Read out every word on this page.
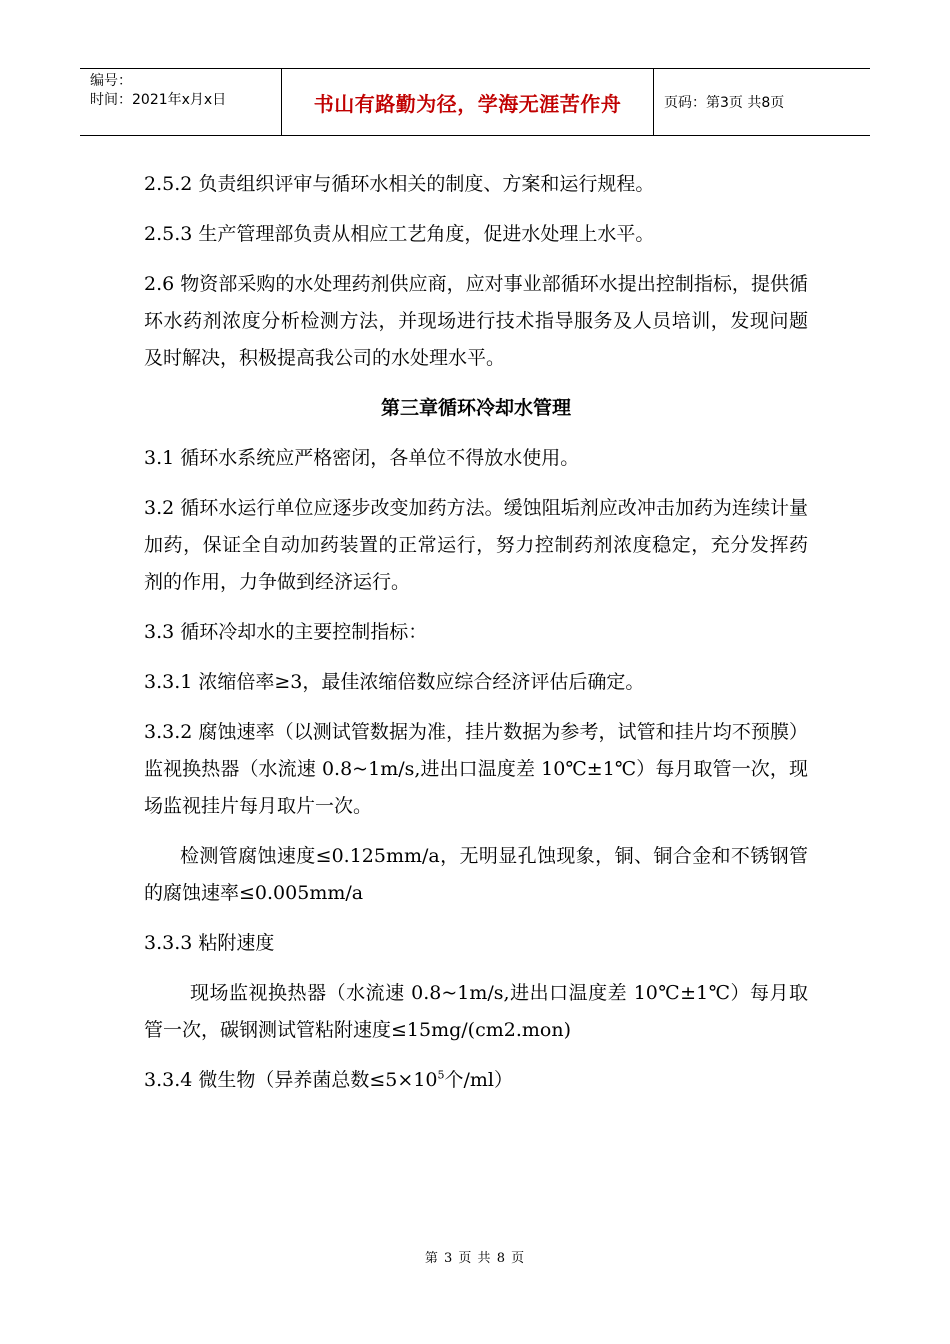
编号：
时间：2021年x月x日	书山有路勤为径，学海无涯苦作舟	页码：第3页 共8页

2.5.2 负责组织评审与循环水相关的制度、方案和运行规程。

2.5.3 生产管理部负责从相应工艺角度，促进水处理上水平。

2.6 物资部采购的水处理药剂供应商，应对事业部循环水提出控制指标，提供循环水药剂浓度分析检测方法，并现场进行技术指导服务及人员培训，发现问题及时解决，积极提高我公司的水处理水平。

第三章循环冷却水管理

3.1 循环水系统应严格密闭，各单位不得放水使用。

3.2 循环水运行单位应逐步改变加药方法。缓蚀阻垢剂应改冲击加药为连续计量加药，保证全自动加药装置的正常运行，努力控制药剂浓度稳定，充分发挥药剂的作用，力争做到经济运行。

3.3 循环冷却水的主要控制指标：

3.3.1 浓缩倍率≥3，最佳浓缩倍数应综合经济评估后确定。

3.3.2 腐蚀速率（以测试管数据为准，挂片数据为参考，试管和挂片均不预膜）监视换热器（水流速 0.8~1m/s,进出口温度差 10℃±1℃）每月取管一次，现场监视挂片每月取片一次。

检测管腐蚀速度≤0.125mm/a，无明显孔蚀现象，铜、铜合金和不锈钢管的腐蚀速率≤0.005mm/a

3.3.3 粘附速度

现场监视换热器（水流速 0.8~1m/s,进出口温度差 10℃±1℃）每月取管一次，碳钢测试管粘附速度≤15mg/(cm2.mon)

3.3.4 微生物（异养菌总数$\le 5\times 10^5$个/ml）

第 3 页 共 8 页
